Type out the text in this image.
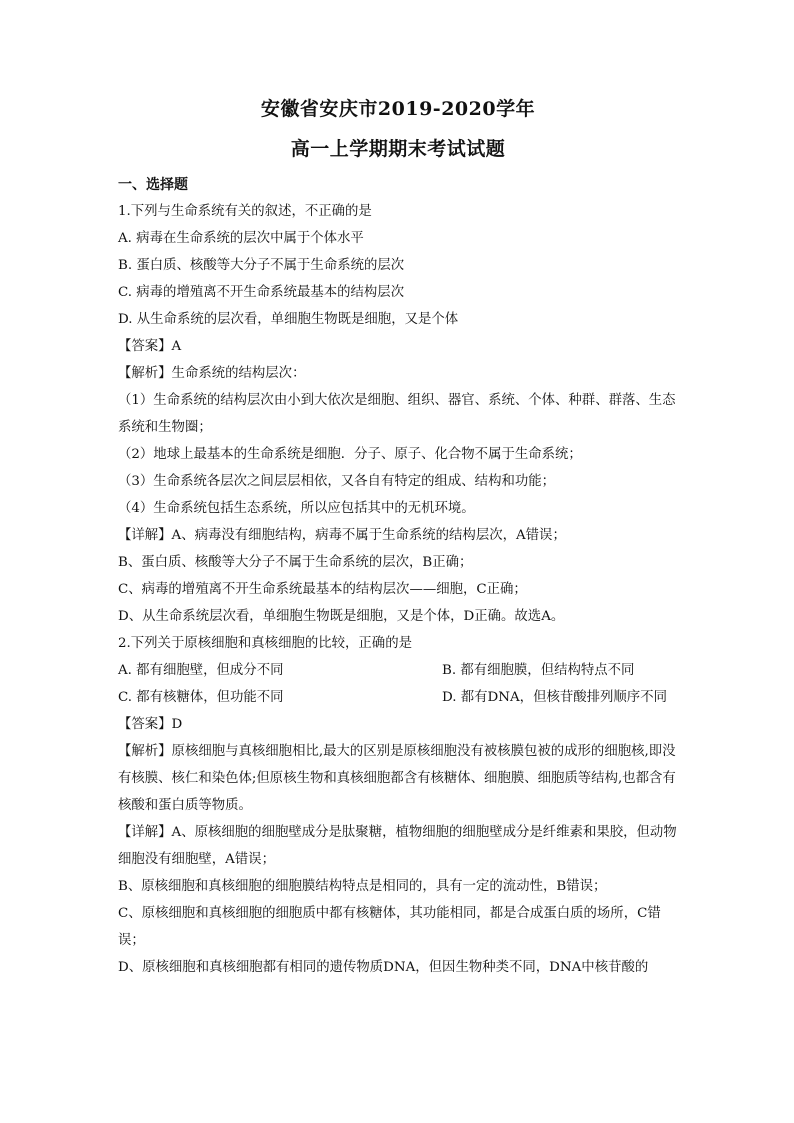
安徽省安庆市2019-2020学年
高一上学期期末考试试题
一、选择题
1.下列与生命系统有关的叙述，不正确的是
A. 病毒在生命系统的层次中属于个体水平
B. 蛋白质、核酸等大分子不属于生命系统的层次
C. 病毒的增殖离不开生命系统最基本的结构层次
D. 从生命系统的层次看，单细胞生物既是细胞，又是个体
【答案】A
【解析】生命系统的结构层次：
（1）生命系统的结构层次由小到大依次是细胞、组织、器官、系统、个体、种群、群落、生态系统和生物圈；
（2）地球上最基本的生命系统是细胞．分子、原子、化合物不属于生命系统；
（3）生命系统各层次之间层层相依，又各自有特定的组成、结构和功能；
（4）生命系统包括生态系统，所以应包括其中的无机环境。
【详解】A、病毒没有细胞结构，病毒不属于生命系统的结构层次，A错误；
B、蛋白质、核酸等大分子不属于生命系统的层次，B正确；
C、病毒的增殖离不开生命系统最基本的结构层次——细胞，C正确；
D、从生命系统层次看，单细胞生物既是细胞，又是个体，D正确。故选A。
2.下列关于原核细胞和真核细胞的比较，正确的是
A. 都有细胞壁，但成分不同	B. 都有细胞膜，但结构特点不同
C. 都有核糖体，但功能不同	D. 都有DNA，但核苷酸排列顺序不同
【答案】D
【解析】原核细胞与真核细胞相比,最大的区别是原核细胞没有被核膜包被的成形的细胞核,即没有核膜、核仁和染色体;但原核生物和真核细胞都含有核糖体、细胞膜、细胞质等结构,也都含有核酸和蛋白质等物质。
【详解】A、原核细胞的细胞壁成分是肽聚糖，植物细胞的细胞壁成分是纤维素和果胶，但动物细胞没有细胞壁，A错误；
B、原核细胞和真核细胞的细胞膜结构特点是相同的，具有一定的流动性，B错误；
C、原核细胞和真核细胞的细胞质中都有核糖体，其功能相同，都是合成蛋白质的场所，C错误；
D、原核细胞和真核细胞都有相同的遗传物质DNA，但因生物种类不同，DNA中核苷酸的
